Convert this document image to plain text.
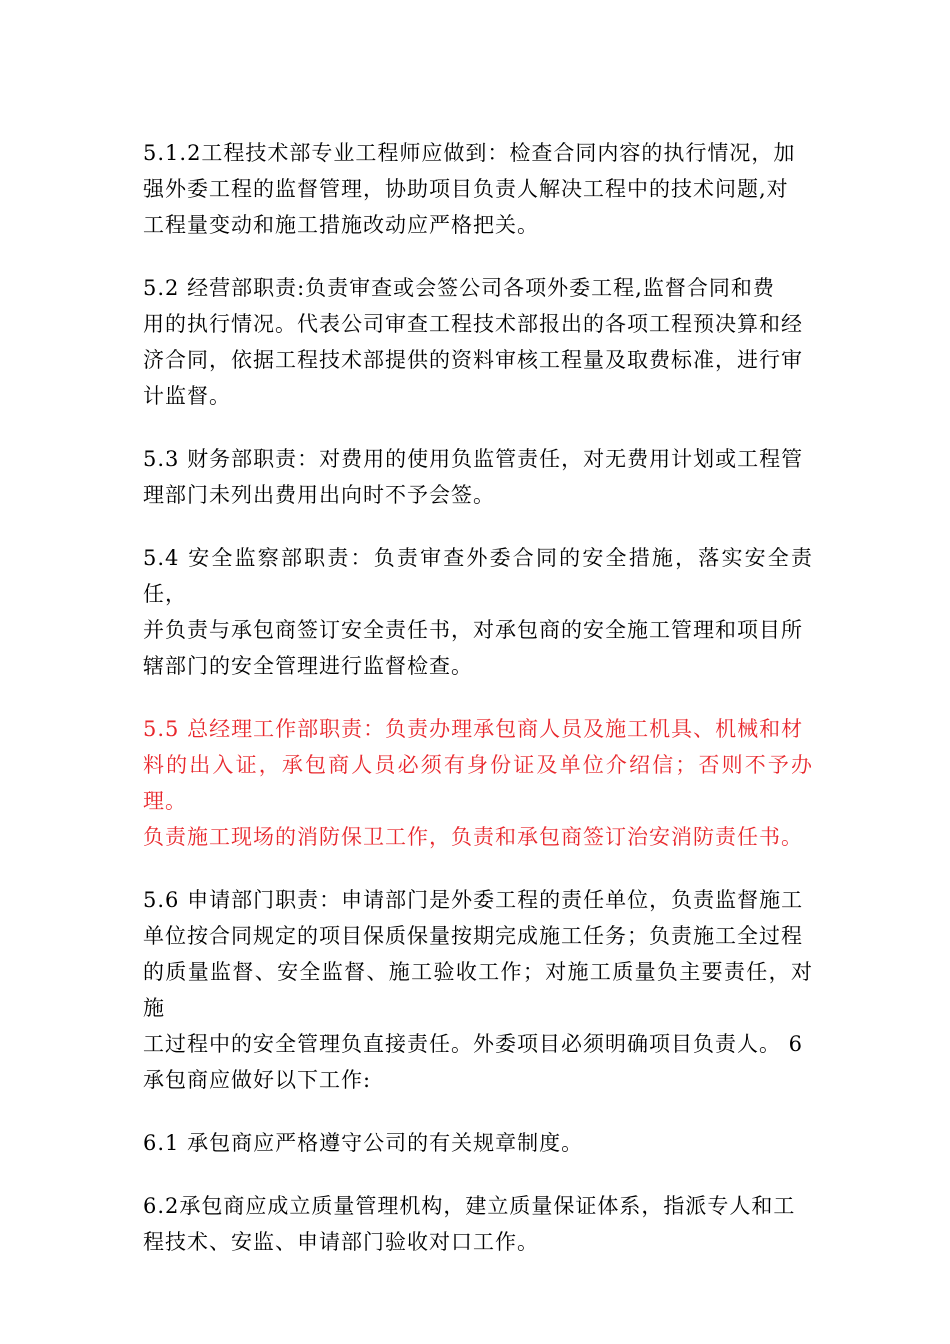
5.1.2工程技术部专业工程师应做到：检查合同内容的执行情况，加
强外委工程的监督管理，协助项目负责人解决工程中的技术问题,对
工程量变动和施工措施改动应严格把关。

5.2 经营部职责:负责审查或会签公司各项外委工程,监督合同和费
用的执行情况。代表公司审查工程技术部报出的各项工程预决算和经
济合同，依据工程技术部提供的资料审核工程量及取费标准，进行审
计监督。

5.3 财务部职责：对费用的使用负监管责任，对无费用计划或工程管
理部门未列出费用出向时不予会签。

5.4 安全监察部职责：负责审查外委合同的安全措施，落实安全责任，
并负责与承包商签订安全责任书，对承包商的安全施工管理和项目所
辖部门的安全管理进行监督检查。

5.5 总经理工作部职责：负责办理承包商人员及施工机具、机械和材
料的出入证，承包商人员必须有身份证及单位介绍信；否则不予办理。
负责施工现场的消防保卫工作，负责和承包商签订治安消防责任书。

5.6 申请部门职责：申请部门是外委工程的责任单位，负责监督施工
单位按合同规定的项目保质保量按期完成施工任务；负责施工全过程
的质量监督、安全监督、施工验收工作；对施工质量负主要责任，对施
工过程中的安全管理负直接责任。外委项目必须明确项目负责人。 6
承包商应做好以下工作:

6.1 承包商应严格遵守公司的有关规章制度。

6.2承包商应成立质量管理机构，建立质量保证体系，指派专人和工
程技术、安监、申请部门验收对口工作。
